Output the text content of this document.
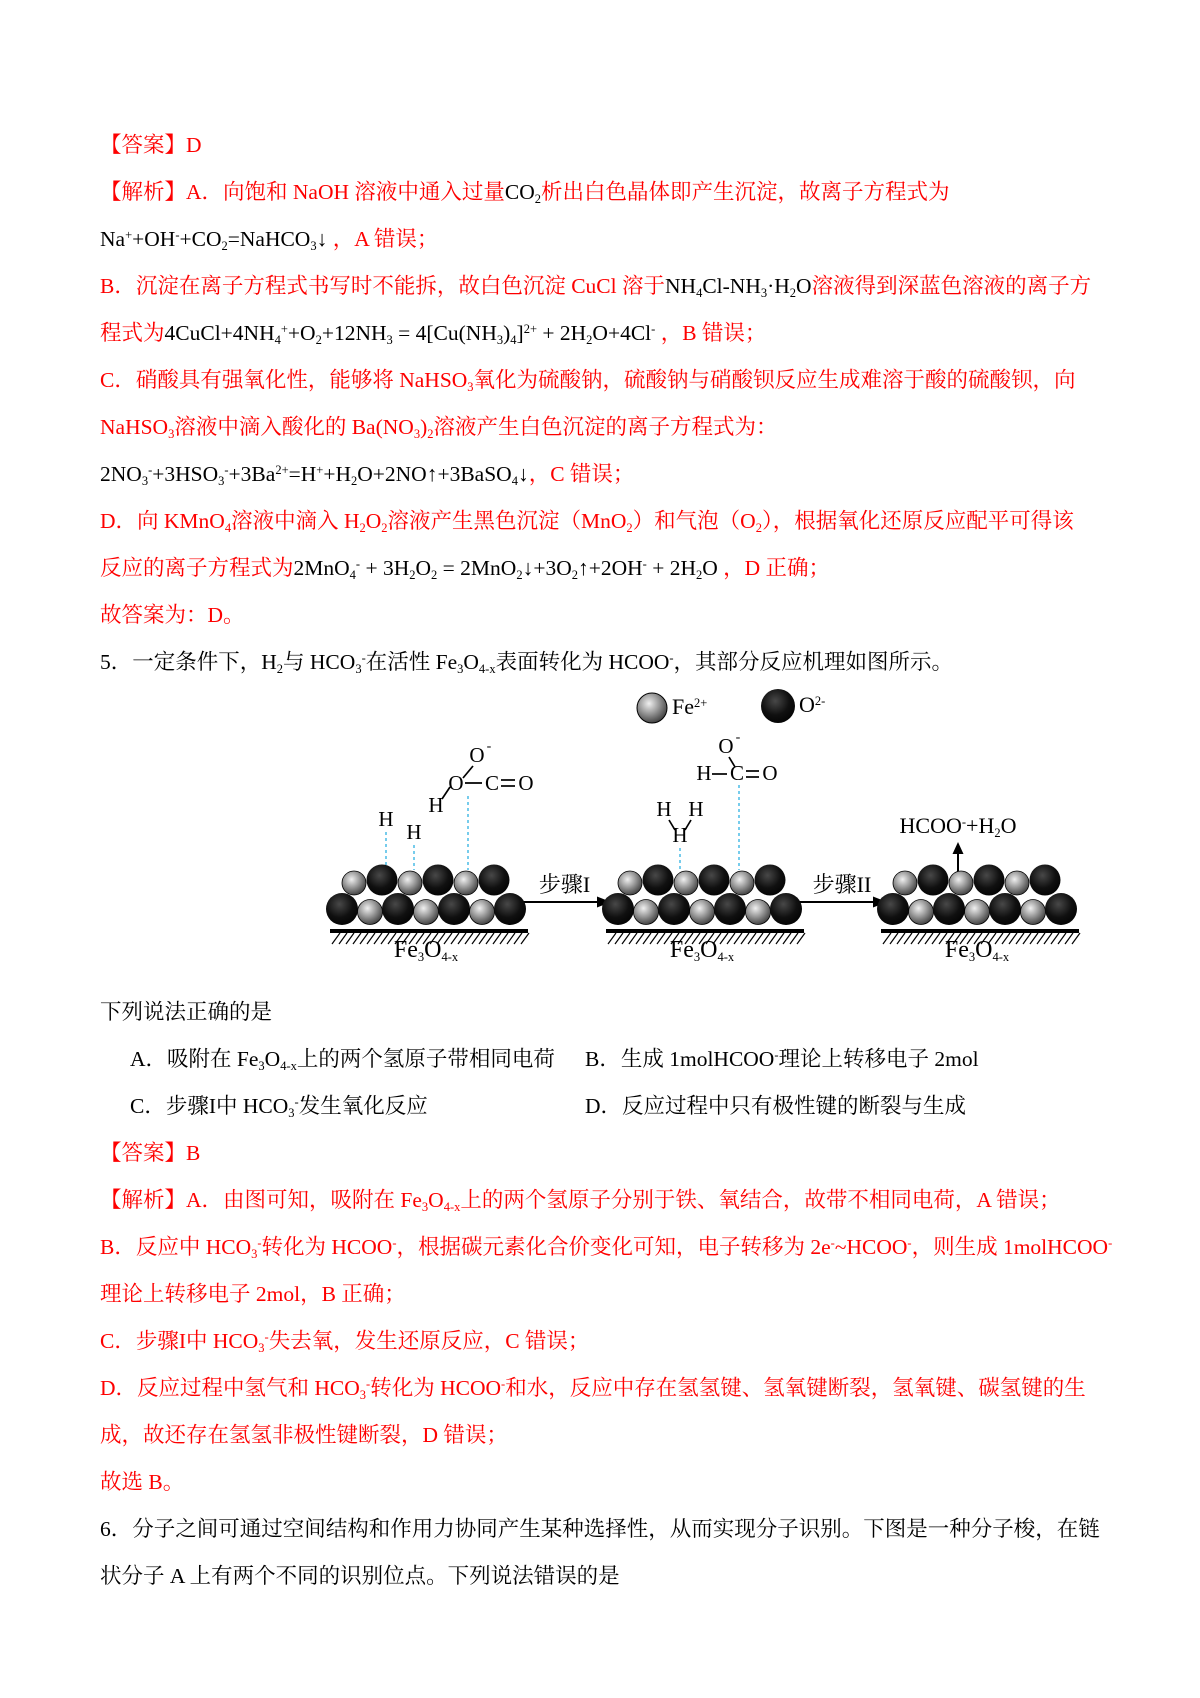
【答案】D
【解析】A．向饱和 NaOH 溶液中通入过量$CO_2$析出白色晶体即产生沉淀，故离子方程式为
$Na^++OH^-+CO_2=NaHCO_3↓$ ，A 错误；
B．沉淀在离子方程式书写时不能拆，故白色沉淀 CuCl 溶于$NH_4Cl-NH_3\cdot H_2O$溶液得到深蓝色溶液的离子方
程式为$4CuCl+4NH_4^++O_2+12NH_3 = 4[Cu(NH_3)_4]^{2+} + 2H_2O+4Cl^-$ ，B 错误；
C．硝酸具有强氧化性，能够将 NaHSO$_3$氧化为硫酸钠，硫酸钠与硝酸钡反应生成难溶于酸的硫酸钡，向
NaHSO$_3$溶液中滴入酸化的 $Ba(NO_3)_2$溶液产生白色沉淀的离子方程式为：
$2NO_3^-+3HSO_3^-+3Ba^{2+}=H^++H_2O+2NO↑+3BaSO_4↓$，C 错误；
D．向 KMnO$_4$溶液中滴入 $H_2O_2$溶液产生黑色沉淀（MnO$_2$）和气泡$(O_2)$，根据氧化还原反应配平可得该
反应的离子方程式为$2MnO_4^- + 3H_2O_2$ = $2MnO_2↓+3O_2↑+2OH^- + 2H_2O$ ，D 正确；
故答案为：D。
5．一定条件下，$H_2$与 $HCO_3^-$在活性 $Fe_3O_{4-x}$表面转化为 HCOO-，其部分反应机理如图所示。
O -
O C O
H
H
H
O -
H C O
H H
H
$Fe^{2+}$	$O^{2-}$
步骤I	步骤II
$HCOO^-+H_2O$
$Fe_3O_{4-x}$	$Fe_3O_{4-x}$	$Fe_3O_{4-x}$
下列说法正确的是
A．吸附在 $Fe_3O_{4-x}$上的两个氢原子带相同电荷 B．生成 1molHCOO-理论上转移电子 2mol
C．步骤I中 $HCO_3^-$发生氧化反应	D．反应过程中只有极性键的断裂与生成
【答案】B
【解析】A．由图可知，吸附在 $Fe_3O_{4-x}$上的两个氢原子分别于铁、氧结合，故带不相同电荷，A 错误；
B．反应中 $HCO_3^-$转化为 HCOO-，根据碳元素化合价变化可知，电子转移为 2e-~HCOO-，则生成 1molHCOO-
理论上转移电子 2mol，B 正确；
C．步骤I中 $HCO_3^-$失去氧，发生还原反应，C 错误；
D．反应过程中氢气和 $HCO_3^-$转化为 HCOO-和水，反应中存在氢氢键、氢氧键断裂，氢氧键、碳氢键的生
成，故还存在氢氢非极性键断裂，D 错误；
故选 B。
6．分子之间可通过空间结构和作用力协同产生某种选择性，从而实现分子识别。下图是一种分子梭，在链
状分子 A 上有两个不同的识别位点。下列说法错误的是
